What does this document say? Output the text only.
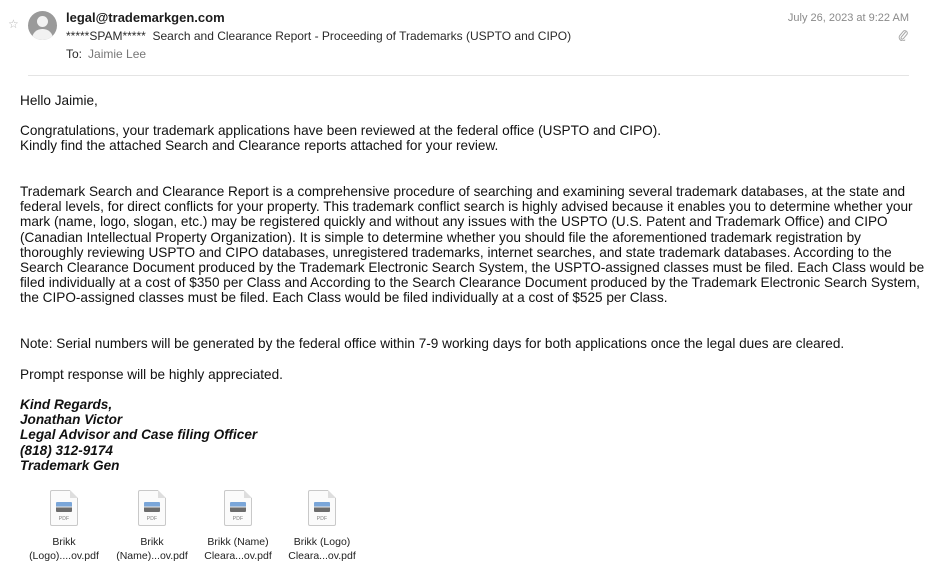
☆	legal@trademarkgen.com
*****SPAM*****  Search and Clearance Report - Proceeding of Trademarks (USPTO and CIPO)
To: Jaimie Lee
July 26, 2023 at 9:22 AM

Hello Jaimie,

Congratulations, your trademark applications have been reviewed at the federal office (USPTO and CIPO).

Kindly find the attached Search and Clearance reports attached for your review.

Trademark Search and Clearance Report is a comprehensive procedure of searching and examining several trademark databases, at the state and federal levels, for direct conflicts for your property. This trademark conflict search is highly advised because it enables you to determine whether your mark (name, logo, slogan, etc.) may be registered quickly and without any issues with the USPTO (U.S. Patent and Trademark Office) and CIPO (Canadian Intellectual Property Organization). It is simple to determine whether you should file the aforementioned trademark registration by thoroughly reviewing USPTO and CIPO databases, unregistered trademarks, internet searches, and state trademark databases. According to the Search Clearance Document produced by the Trademark Electronic Search System, the USPTO-assigned classes must be filed. Each Class would be filed individually at a cost of $350 per Class and According to the Search Clearance Document produced by the Trademark Electronic Search System, the CIPO-assigned classes must be filed. Each Class would be filed individually at a cost of $525 per Class.

Note: Serial numbers will be generated by the federal office within 7-9 working days for both applications once the legal dues are cleared.

Prompt response will be highly appreciated.

Kind Regards,
Jonathan Victor
Legal Advisor and Case filing Officer
(818) 312-9174
Trademark Gen
PDF
Brikk
(Logo)....ov.pdf
PDF
Brikk
(Name)...ov.pdf
PDF
Brikk (Name)
Cleara...ov.pdf
PDF
Brikk (Logo)
Cleara...ov.pdf
